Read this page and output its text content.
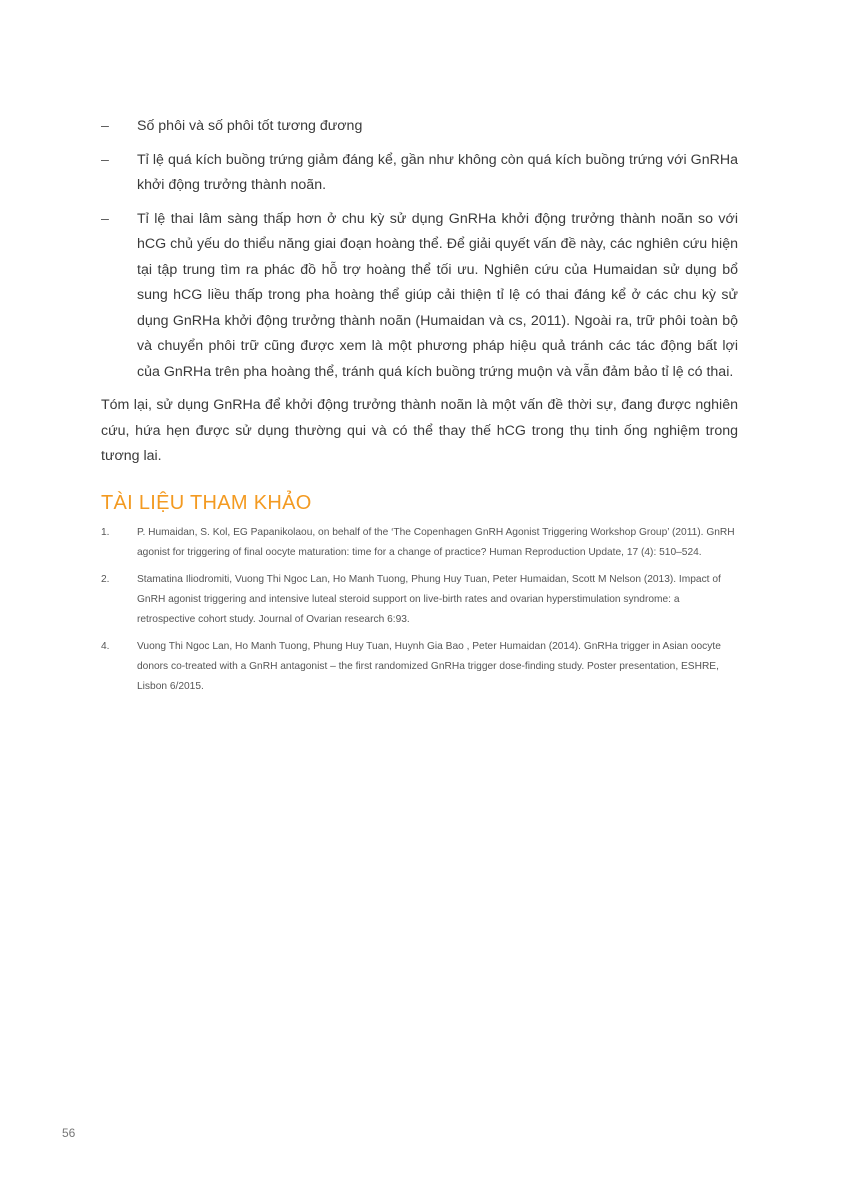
– Số phôi và số phôi tốt tương đương
– Tỉ lệ quá kích buồng trứng giảm đáng kể, gần như không còn quá kích buồng trứng với GnRHa khởi động trưởng thành noãn.
– Tỉ lệ thai lâm sàng thấp hơn ở chu kỳ sử dụng GnRHa khởi động trưởng thành noãn so với hCG chủ yếu do thiểu năng giai đoạn hoàng thể. Để giải quyết vấn đề này, các nghiên cứu hiện tại tập trung tìm ra phác đồ hỗ trợ hoàng thể tối ưu. Nghiên cứu của Humaidan sử dụng bổ sung hCG liều thấp trong pha hoàng thể giúp cải thiện tỉ lệ có thai đáng kể ở các chu kỳ sử dụng GnRHa khởi động trưởng thành noãn (Humaidan và cs, 2011). Ngoài ra, trữ phôi toàn bộ và chuyển phôi trữ cũng được xem là một phương pháp hiệu quả tránh các tác động bất lợi của GnRHa trên pha hoàng thể, tránh quá kích buồng trứng muộn và vẫn đảm bảo tỉ lệ có thai.

Tóm lại, sử dụng GnRHa để khởi động trưởng thành noãn là một vấn đề thời sự, đang được nghiên cứu, hứa hẹn được sử dụng thường qui và có thể thay thế hCG trong thụ tinh ống nghiệm trong tương lai.

TÀI LIỆU THAM KHẢO
1.	P. Humaidan, S. Kol, EG Papanikolaou, on behalf of the ‘The Copenhagen GnRH Agonist Triggering Workshop Group’ (2011). GnRH agonist for triggering of final oocyte maturation: time for a change of practice? Human Reproduction Update, 17 (4): 510–524.
2.	Stamatina Iliodromiti, Vuong Thi Ngoc Lan, Ho Manh Tuong, Phung Huy Tuan, Peter Humaidan, Scott M Nelson (2013). Impact of GnRH agonist triggering and intensive luteal steroid support on live-birth rates and ovarian hyperstimulation syndrome: a retrospective cohort study. Journal of Ovarian research 6:93.
4.	Vuong Thi Ngoc Lan, Ho Manh Tuong, Phung Huy Tuan, Huynh Gia Bao , Peter Humaidan (2014). GnRHa trigger in Asian oocyte donors co-treated with a GnRH antagonist – the first randomized GnRHa trigger dose-finding study. Poster presentation, ESHRE, Lisbon 6/2015.
56
